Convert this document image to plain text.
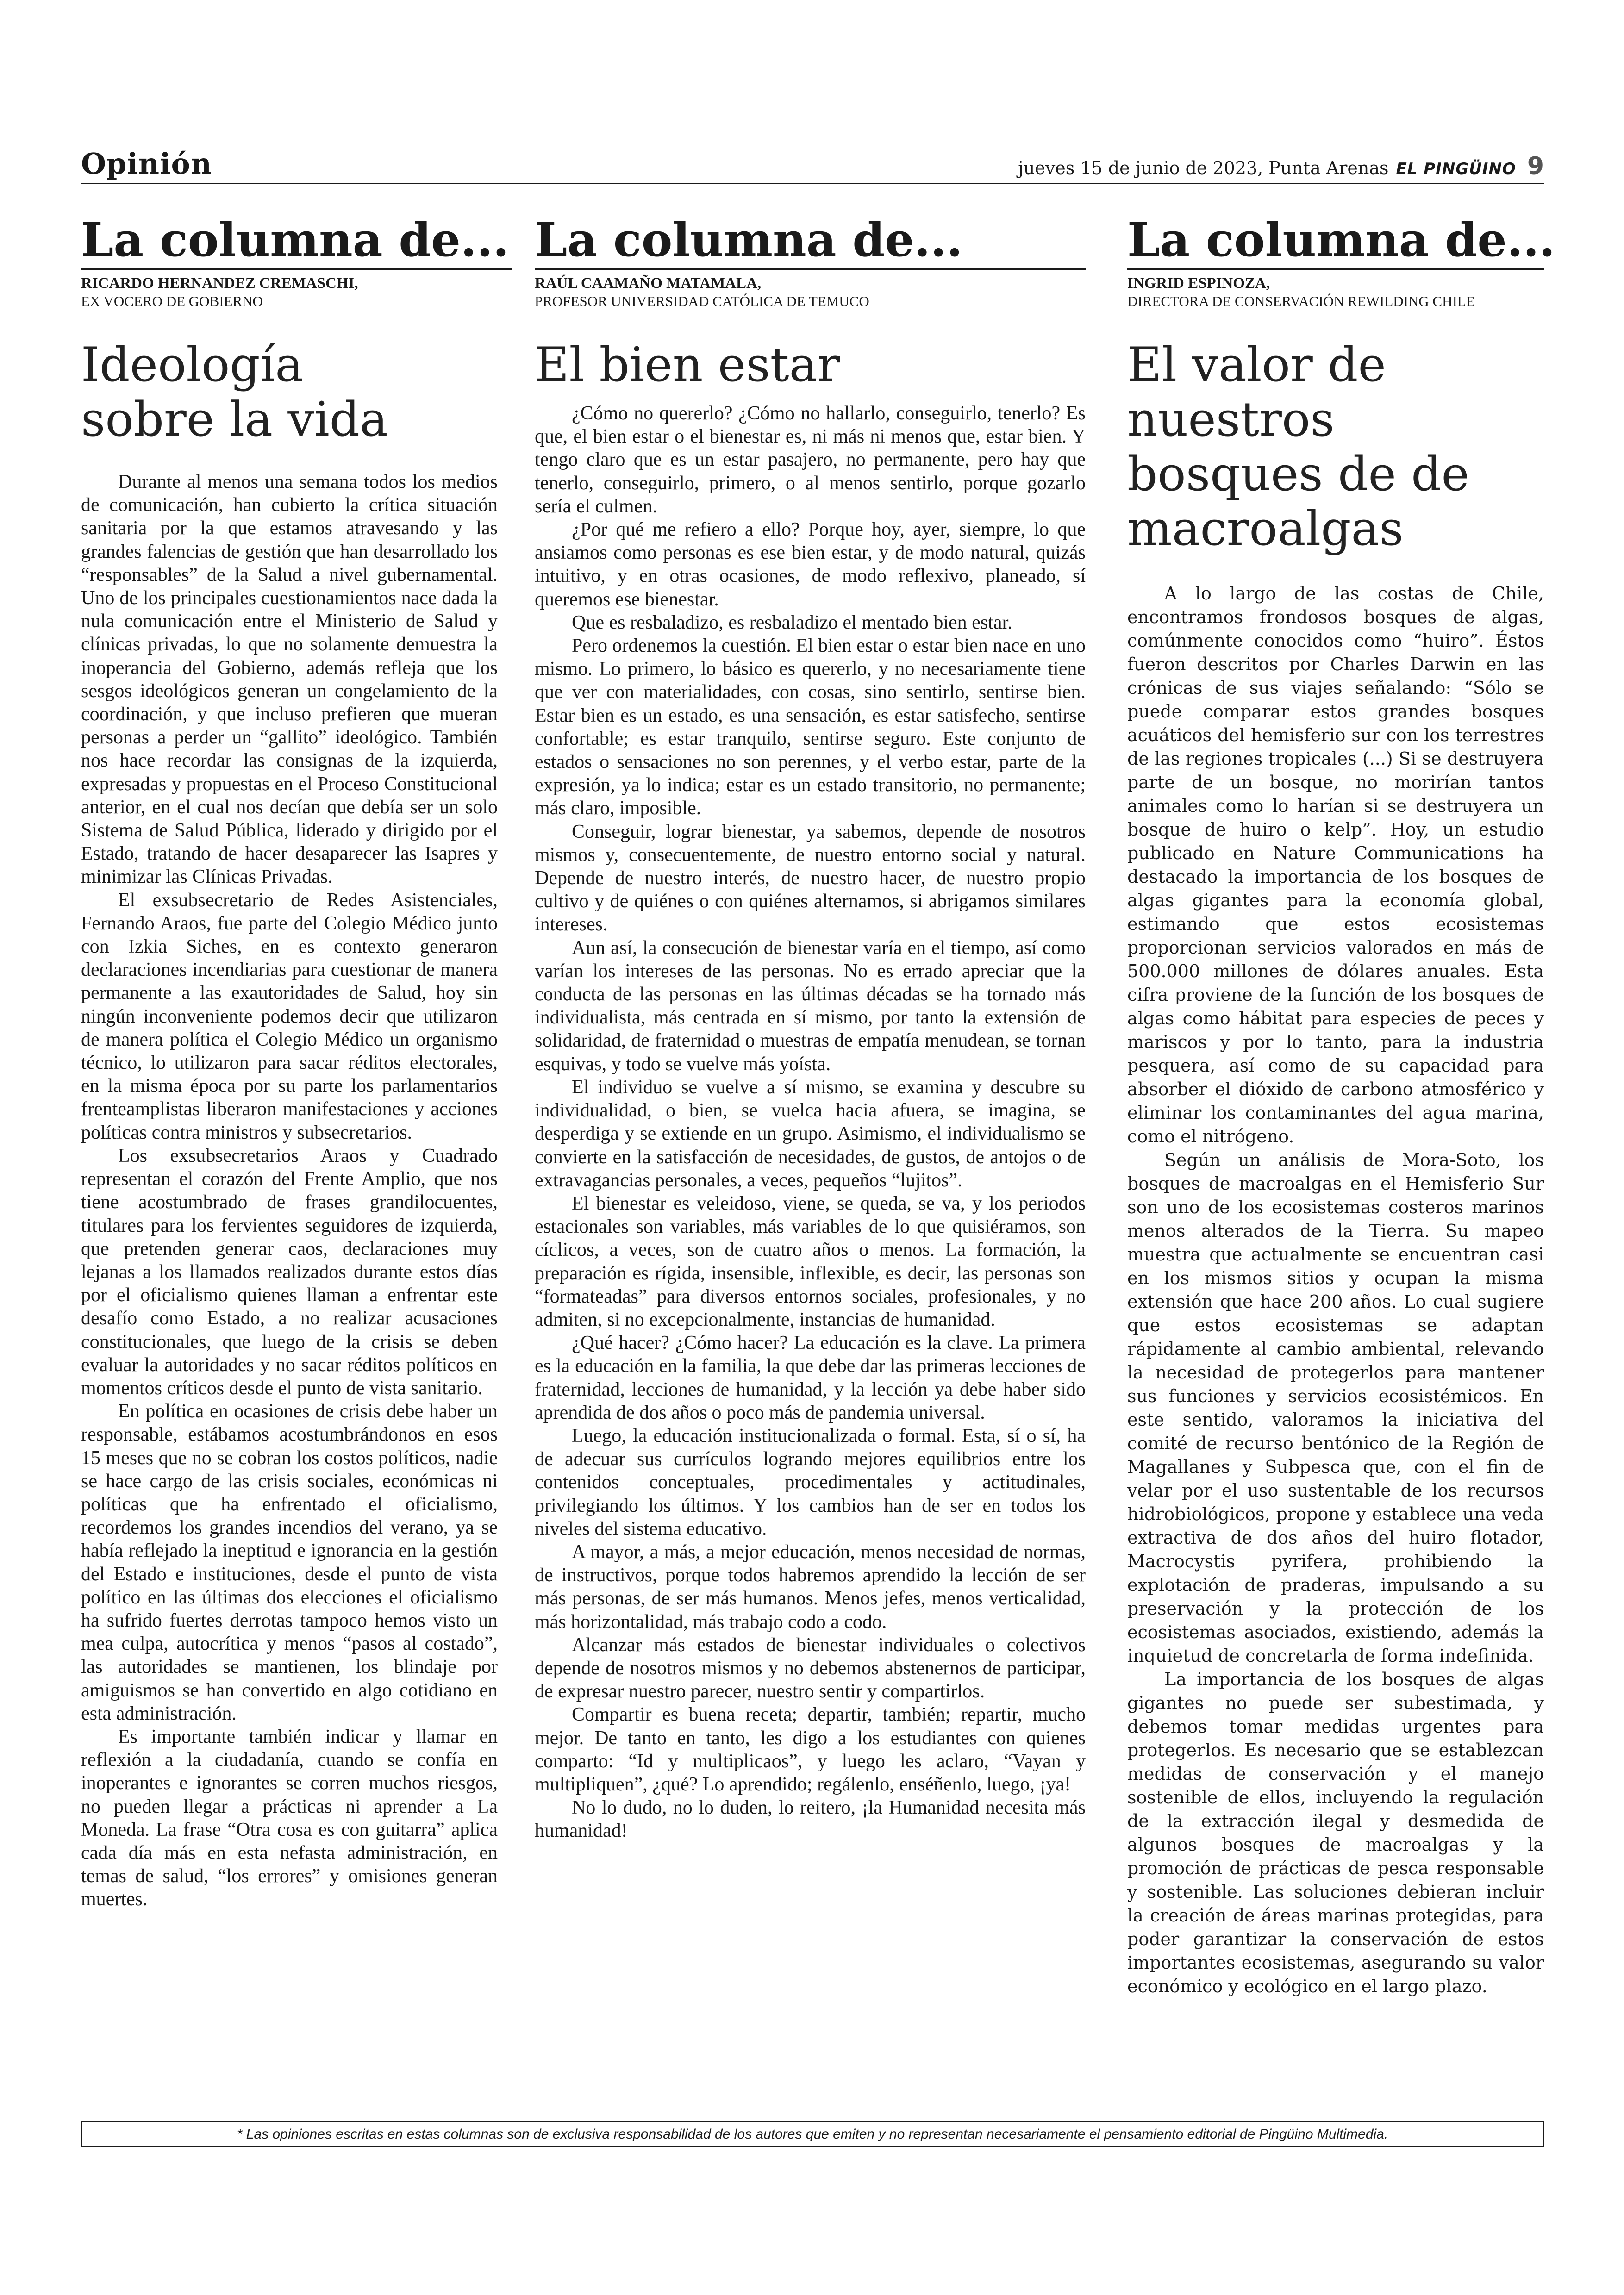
Opinión	jueves 15 de junio de 2023, Punta Arenas EL PINGÜINO 9
La columna de...
RICARDO HERNANDEZ CREMASCHI,
EX VOCERO DE GOBIERNO
Ideología sobre la vida

Durante al menos una semana todos los medios de comunicación, han cubierto la crítica situación sanitaria por la que estamos atravesando y las grandes falencias de gestión que han desarrollado los “responsables” de la Salud a nivel gubernamental. Uno de los principales cuestionamientos nace dada la nula comunicación entre el Ministerio de Salud y clínicas privadas, lo que no solamente demuestra la inoperancia del Gobierno, además refleja que los sesgos ideológicos generan un congelamiento de la coordinación, y que incluso prefieren que mueran personas a perder un “gallito” ideológico. También nos hace recordar las consignas de la izquierda, expresadas y propuestas en el Proceso Constitucional anterior, en el cual nos decían que debía ser un solo Sistema de Salud Pública, liderado y dirigido por el Estado, tratando de hacer desaparecer las Isapres y minimizar las Clínicas Privadas.

El exsubsecretario de Redes Asistenciales, Fernando Araos, fue parte del Colegio Médico junto con Izkia Siches, en es contexto generaron declaraciones incendiarias para cuestionar de manera permanente a las exautoridades de Salud, hoy sin ningún inconveniente podemos decir que utilizaron de manera política el Colegio Médico un organismo técnico, lo utilizaron para sacar réditos electorales, en la misma época por su parte los parlamentarios frenteamplistas liberaron manifestaciones y acciones políticas contra ministros y subsecretarios.

Los exsubsecretarios Araos y Cuadrado representan el corazón del Frente Amplio, que nos tiene acostumbrado de frases grandilocuentes, titulares para los fervientes seguidores de izquierda, que pretenden generar caos, declaraciones muy lejanas a los llamados realizados durante estos días por el oficialismo quienes llaman a enfrentar este desafío como Estado, a no realizar acusaciones constitucionales, que luego de la crisis se deben evaluar la autoridades y no sacar réditos políticos en momentos críticos desde el punto de vista sanitario.

En política en ocasiones de crisis debe haber un responsable, estábamos acostumbrándonos en esos 15 meses que no se cobran los costos políticos, nadie se hace cargo de las crisis sociales, económicas ni políticas que ha enfrentado el oficialismo, recordemos los grandes incendios del verano, ya se había reflejado la ineptitud e ignorancia en la gestión del Estado e instituciones, desde el punto de vista político en las últimas dos elecciones el oficialismo ha sufrido fuertes derrotas tampoco hemos visto un mea culpa, autocrítica y menos “pasos al costado”, las autoridades se mantienen, los blindaje por amiguismos se han convertido en algo cotidiano en esta administración.

Es importante también indicar y llamar en reflexión a la ciudadanía, cuando se confía en inoperantes e ignorantes se corren muchos riesgos, no pueden llegar a prácticas ni aprender a La Moneda. La frase “Otra cosa es con guitarra” aplica cada día más en esta nefasta administración, en temas de salud, “los errores” y omisiones generan muertes.

La columna de...
RAÚL CAAMAÑO MATAMALA,
PROFESOR UNIVERSIDAD CATÓLICA DE TEMUCO
El bien estar

¿Cómo no quererlo? ¿Cómo no hallarlo, conseguirlo, tenerlo? Es que, el bien estar o el bienestar es, ni más ni menos que, estar bien. Y tengo claro que es un estar pasajero, no permanente, pero hay que tenerlo, conseguirlo, primero, o al menos sentirlo, porque gozarlo sería el culmen.

¿Por qué me refiero a ello? Porque hoy, ayer, siempre, lo que ansiamos como personas es ese bien estar, y de modo natural, quizás intuitivo, y en otras ocasiones, de modo reflexivo, planeado, sí queremos ese bienestar.

Que es resbaladizo, es resbaladizo el mentado bien estar.

Pero ordenemos la cuestión. El bien estar o estar bien nace en uno mismo. Lo primero, lo básico es quererlo, y no necesariamente tiene que ver con materialidades, con cosas, sino sentirlo, sentirse bien. Estar bien es un estado, es una sensación, es estar satisfecho, sentirse confortable; es estar tranquilo, sentirse seguro. Este conjunto de estados o sensaciones no son perennes, y el verbo estar, parte de la expresión, ya lo indica; estar es un estado transitorio, no permanente; más claro, imposible.

Conseguir, lograr bienestar, ya sabemos, depende de nosotros mismos y, consecuentemente, de nuestro entorno social y natural. Depende de nuestro interés, de nuestro hacer, de nuestro propio cultivo y de quiénes o con quiénes alternamos, si abrigamos similares intereses.

Aun así, la consecución de bienestar varía en el tiempo, así como varían los intereses de las personas. No es errado apreciar que la conducta de las personas en las últimas décadas se ha tornado más individualista, más centrada en sí mismo, por tanto la extensión de solidaridad, de fraternidad o muestras de empatía menudean, se tornan esquivas, y todo se vuelve más yoísta.

El individuo se vuelve a sí mismo, se examina y descubre su individualidad, o bien, se vuelca hacia afuera, se imagina, se desperdiga y se extiende en un grupo. Asimismo, el individualismo se convierte en la satisfacción de necesidades, de gustos, de antojos o de extravagancias personales, a veces, pequeños “lujitos”.

El bienestar es veleidoso, viene, se queda, se va, y los periodos estacionales son variables, más variables de lo que quisiéramos, son cíclicos, a veces, son de cuatro años o menos. La formación, la preparación es rígida, insensible, inflexible, es decir, las personas son “formateadas” para diversos entornos sociales, profesionales, y no admiten, si no excepcionalmente, instancias de humanidad.

¿Qué hacer? ¿Cómo hacer? La educación es la clave. La primera es la educación en la familia, la que debe dar las primeras lecciones de fraternidad, lecciones de humanidad, y la lección ya debe haber sido aprendida de dos años o poco más de pandemia universal.

Luego, la educación institucionalizada o formal. Esta, sí o sí, ha de adecuar sus currículos logrando mejores equilibrios entre los contenidos conceptuales, procedimentales y actitudinales, privilegiando los últimos. Y los cambios han de ser en todos los niveles del sistema educativo.

A mayor, a más, a mejor educación, menos necesidad de normas, de instructivos, porque todos habremos aprendido la lección de ser más personas, de ser más humanos. Menos jefes, menos verticalidad, más horizontalidad, más trabajo codo a codo.

Alcanzar más estados de bienestar individuales o colectivos depende de nosotros mismos y no debemos abstenernos de participar, de expresar nuestro parecer, nuestro sentir y compartirlos.

Compartir es buena receta; departir, también; repartir, mucho mejor. De tanto en tanto, les digo a los estudiantes con quienes comparto: “Id y multiplicaos”, y luego les aclaro, “Vayan y multipliquen”, ¿qué? Lo aprendido; regálenlo, enséñenlo, luego, ¡ya!

No lo dudo, no lo duden, lo reitero, ¡la Humanidad necesita más humanidad!

La columna de...
INGRID ESPINOZA,
DIRECTORA DE CONSERVACIÓN REWILDING CHILE
El valor de nuestros bosques de de macroalgas

A lo largo de las costas de Chile, encontramos frondosos bosques de algas, comúnmente conocidos como “huiro”. Éstos fueron descritos por Charles Darwin en las crónicas de sus viajes señalando: “Sólo se puede comparar estos grandes bosques acuáticos del hemisferio sur con los terrestres de las regiones tropicales (...) Si se destruyera parte de un bosque, no morirían tantos animales como lo harían si se destruyera un bosque de huiro o kelp”. Hoy, un estudio publicado en Nature Communications ha destacado la importancia de los bosques de algas gigantes para la economía global, estimando que estos ecosistemas proporcionan servicios valorados en más de 500.000 millones de dólares anuales. Esta cifra proviene de la función de los bosques de algas como hábitat para especies de peces y mariscos y por lo tanto, para la industria pesquera, así como de su capacidad para absorber el dióxido de carbono atmosférico y eliminar los contaminantes del agua marina, como el nitrógeno.

Según un análisis de Mora-Soto, los bosques de macroalgas en el Hemisferio Sur son uno de los ecosistemas costeros marinos menos alterados de la Tierra. Su mapeo muestra que actualmente se encuentran casi en los mismos sitios y ocupan la misma extensión que hace 200 años. Lo cual sugiere que estos ecosistemas se adaptan rápidamente al cambio ambiental, relevando la necesidad de protegerlos para mantener sus funciones y servicios ecosistémicos. En este sentido, valoramos la iniciativa del comité de recurso bentónico de la Región de Magallanes y Subpesca que, con el fin de velar por el uso sustentable de los recursos hidrobiológicos, propone y establece una veda extractiva de dos años del huiro flotador, Macrocystis pyrifera, prohibiendo la explotación de praderas, impulsando a su preservación y la protección de los ecosistemas asociados, existiendo, además la inquietud de concretarla de forma indefinida.

La importancia de los bosques de algas gigantes no puede ser subestimada, y debemos tomar medidas urgentes para protegerlos. Es necesario que se establezcan medidas de conservación y el manejo sostenible de ellos, incluyendo la regulación de la extracción ilegal y desmedida de algunos bosques de macroalgas y la promoción de prácticas de pesca responsable y sostenible. Las soluciones debieran incluir la creación de áreas marinas protegidas, para poder garantizar la conservación de estos importantes ecosistemas, asegurando su valor económico y ecológico en el largo plazo.

* Las opiniones escritas en estas columnas son de exclusiva responsabilidad de los autores que emiten y no representan necesariamente el pensamiento editorial de Pingüino Multimedia.
